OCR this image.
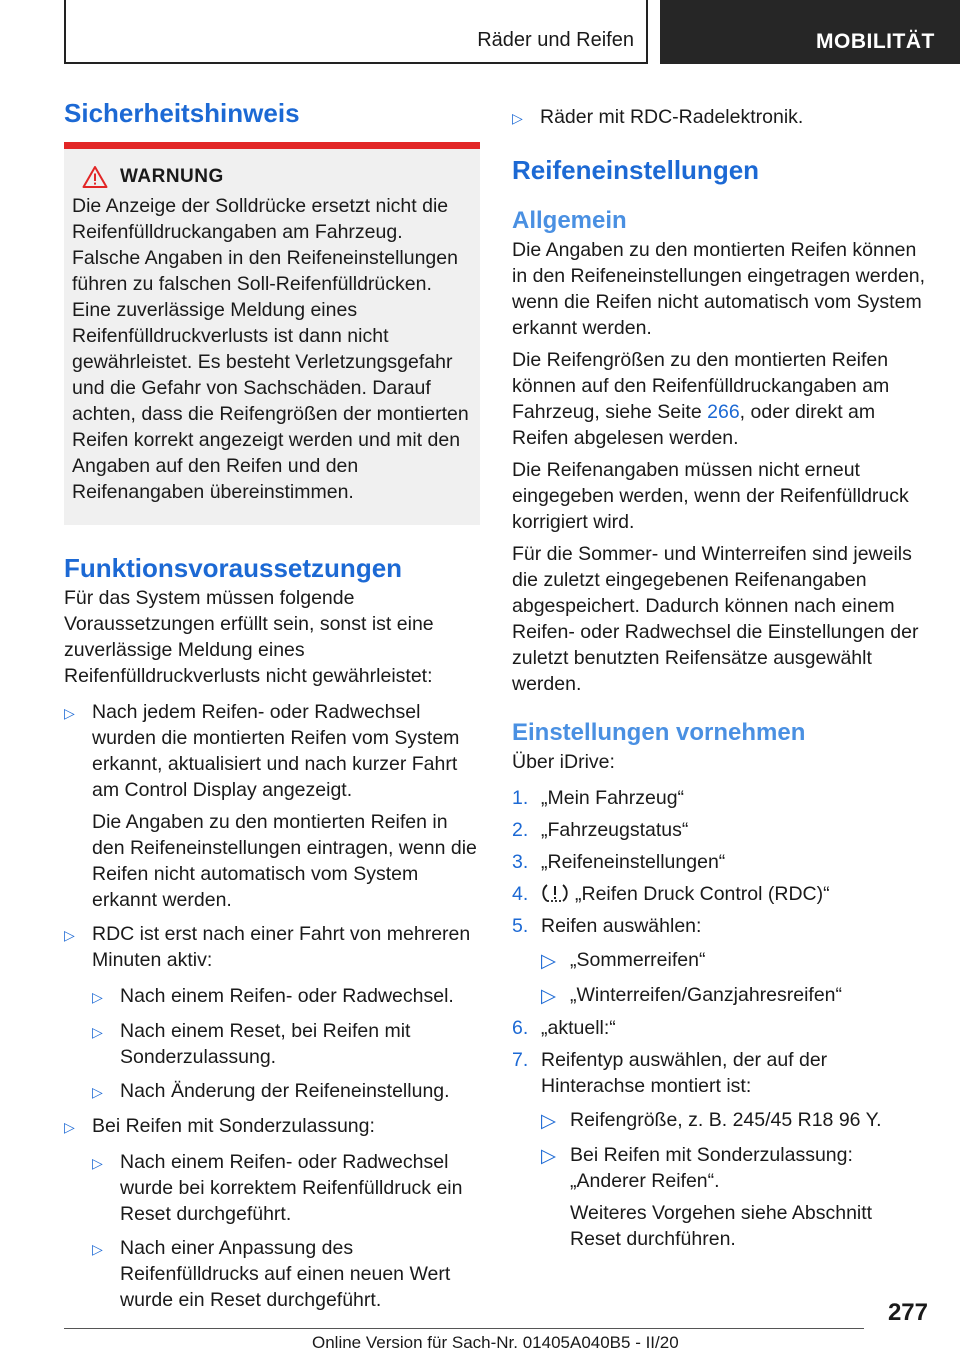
Räder und Reifen	MOBILITÄT
Sicherheitshinweis
WARNUNG

Die Anzeige der Solldrücke ersetzt nicht die Reifenfülldruckangaben am Fahrzeug. Falsche Angaben in den Reifeneinstellungen führen zu falschen Soll-Reifenfülldrücken. Eine zuverlässige Meldung eines Reifenfülldruckverlusts ist dann nicht gewährleistet. Es besteht Verletzungsgefahr und die Gefahr von Sachschäden. Darauf achten, dass die Reifengrößen der montierten Reifen korrekt angezeigt werden und mit den Angaben auf den Reifen und den Reifenangaben übereinstimmen.

Funktionsvoraussetzungen

Für das System müssen folgende Voraussetzungen erfüllt sein, sonst ist eine zuverlässige Meldung eines Reifenfülldruckverlusts nicht gewährleistet:

▷ Nach jedem Reifen- oder Radwechsel wurden die montierten Reifen vom System erkannt, aktualisiert und nach kurzer Fahrt am Control Display angezeigt.

Die Angaben zu den montierten Reifen in den Reifeneinstellungen eintragen, wenn die Reifen nicht automatisch vom System erkannt werden.

▷ RDC ist erst nach einer Fahrt von mehreren Minuten aktiv:

▷ Nach einem Reifen- oder Radwechsel.

▷ Nach einem Reset, bei Reifen mit Sonderzulassung.

▷ Nach Änderung der Reifeneinstellung.

▷ Bei Reifen mit Sonderzulassung:

▷ Nach einem Reifen- oder Radwechsel wurde bei korrektem Reifenfülldruck ein Reset durchgeführt.

▷ Nach einer Anpassung des Reifenfülldrucks auf einen neuen Wert wurde ein Reset durchgeführt.

▷ Räder mit RDC-Radelektronik.

Reifeneinstellungen
Allgemein

Die Angaben zu den montierten Reifen können in den Reifeneinstellungen eingetragen werden, wenn die Reifen nicht automatisch vom System erkannt werden.

Die Reifengrößen zu den montierten Reifen können auf den Reifenfülldruckangaben am Fahrzeug, siehe Seite 266, oder direkt am Reifen abgelesen werden.

Die Reifenangaben müssen nicht erneut eingegeben werden, wenn der Reifenfülldruck korrigiert wird.

Für die Sommer- und Winterreifen sind jeweils die zuletzt eingegebenen Reifenangaben abgespeichert. Dadurch können nach einem Reifen- oder Radwechsel die Einstellungen der zuletzt benutzten Reifensätze ausgewählt werden.

Einstellungen vornehmen

Über iDrive:

1. „Mein Fahrzeug“

2. „Fahrzeugstatus“

3. „Reifeneinstellungen“

4.	„Reifen Druck Control (RDC)“

5. Reifen auswählen:

▷ „Sommerreifen“

▷ „Winterreifen/Ganzjahresreifen“

6. „aktuell:“

7. Reifentyp auswählen, der auf der Hinterachse montiert ist:

▷ Reifengröße, z. B. 245/45 R18 96 Y.

▷ Bei Reifen mit Sonderzulassung: „Anderer Reifen“.

Weiteres Vorgehen siehe Abschnitt Reset durchführen.

277
Online Version für Sach-Nr. 01405A040B5 - II/20
